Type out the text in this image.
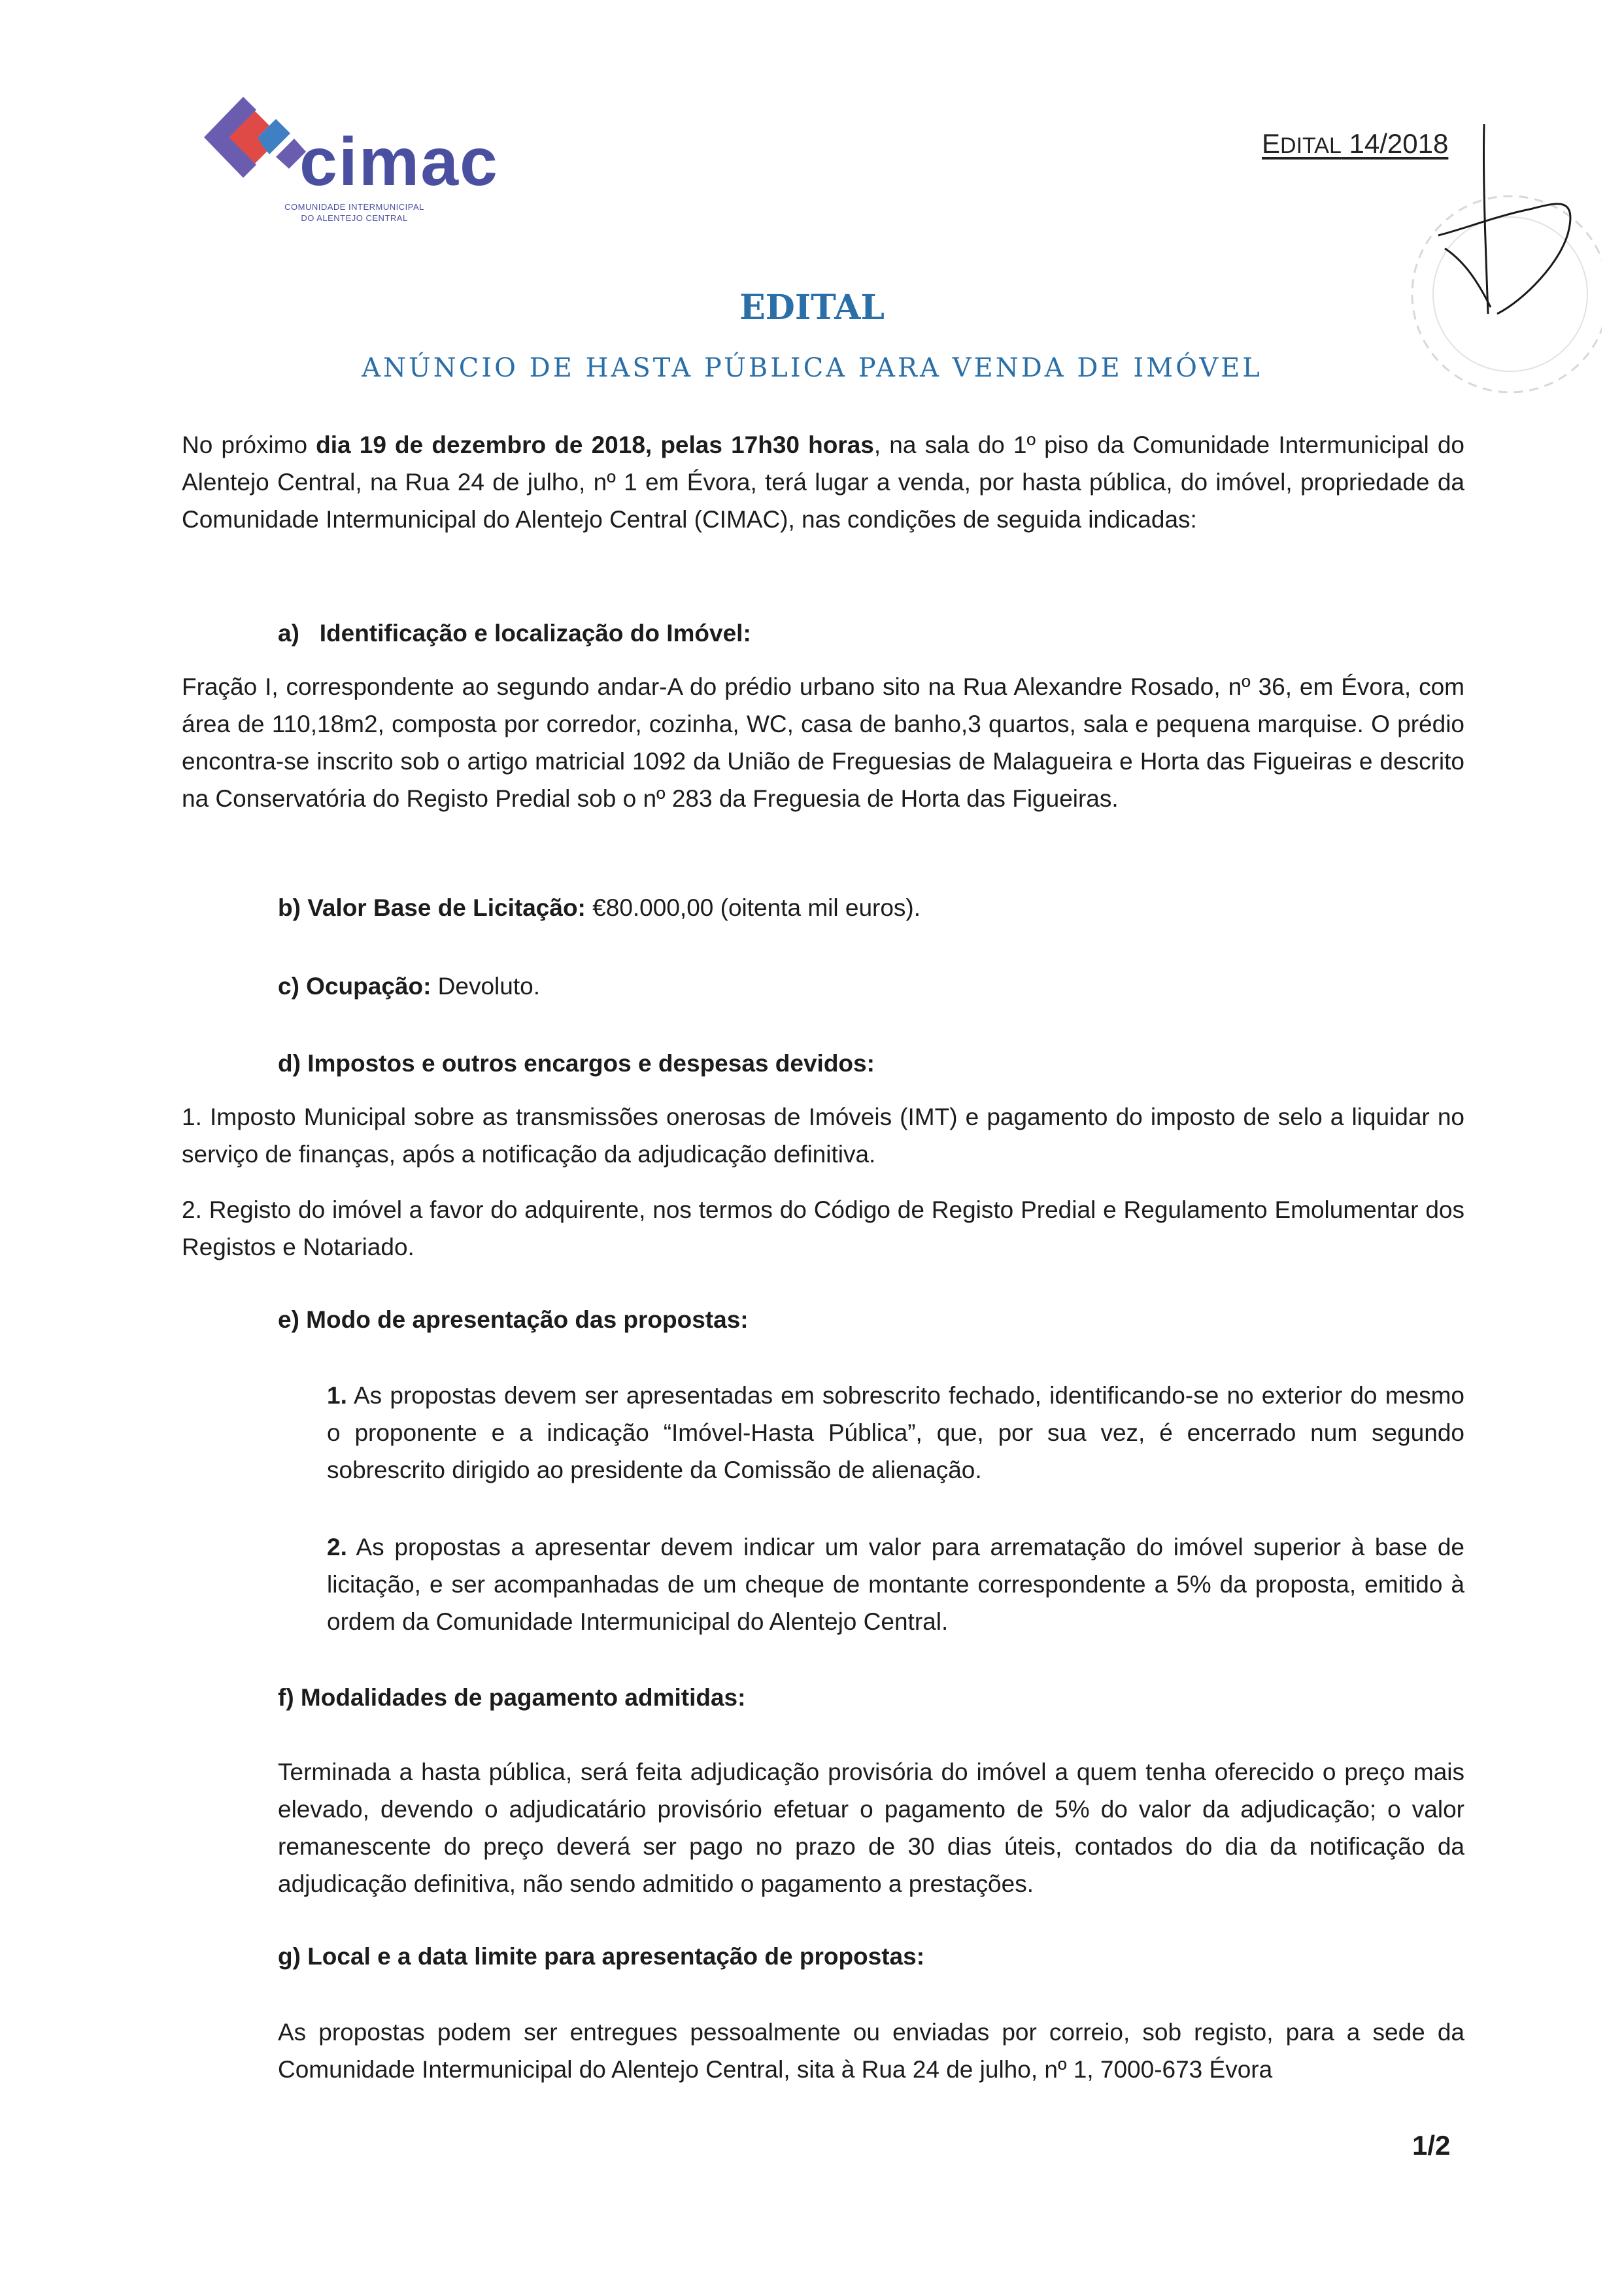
cimac
COMUNIDADE INTERMUNICIPAL
DO ALENTEJO CENTRAL
EDITAL 14/2018
EDITAL
ANÚNCIO DE HASTA PÚBLICA PARA VENDA DE IMÓVEL
No próximo dia 19 de dezembro de 2018, pelas 17h30 horas, na sala do 1º piso da Comunidade Intermunicipal do Alentejo Central, na Rua 24 de julho, nº 1 em Évora, terá lugar a venda, por hasta pública, do imóvel, propriedade da Comunidade Intermunicipal do Alentejo Central (CIMAC), nas condições de seguida indicadas:
a)   Identificação e localização do Imóvel:
Fração I, correspondente ao segundo andar-A do prédio urbano sito na Rua Alexandre Rosado, nº 36, em Évora, com área de 110,18m2, composta por corredor, cozinha, WC, casa de banho,3 quartos, sala e pequena marquise. O prédio encontra-se inscrito sob o artigo matricial 1092 da União de Freguesias de Malagueira e Horta das Figueiras e descrito na Conservatória do Registo Predial sob o nº 283 da Freguesia de Horta das Figueiras.
b) Valor Base de Licitação: €80.000,00 (oitenta mil euros).
c) Ocupação: Devoluto.
d) Impostos e outros encargos e despesas devidos:
1. Imposto Municipal sobre as transmissões onerosas de Imóveis (IMT) e pagamento do imposto de selo a liquidar no serviço de finanças, após a notificação da adjudicação definitiva.
2. Registo do imóvel a favor do adquirente, nos termos do Código de Registo Predial e Regulamento Emolumentar dos Registos e Notariado.
e) Modo de apresentação das propostas:
1. As propostas devem ser apresentadas em sobrescrito fechado, identificando-se no exterior do mesmo o proponente e a indicação “Imóvel-Hasta Pública”, que, por sua vez, é encerrado num segundo sobrescrito dirigido ao presidente da Comissão de alienação.
2. As propostas a apresentar devem indicar um valor para arrematação do imóvel superior à base de licitação, e ser acompanhadas de um cheque de montante correspondente a 5% da proposta, emitido à ordem da Comunidade Intermunicipal do Alentejo Central.
f) Modalidades de pagamento admitidas:
Terminada a hasta pública, será feita adjudicação provisória do imóvel a quem tenha oferecido o preço mais elevado, devendo o adjudicatário provisório efetuar o pagamento de 5% do valor da adjudicação; o valor remanescente do preço deverá ser pago no prazo de 30 dias úteis, contados do dia da notificação da adjudicação definitiva, não sendo admitido o pagamento a prestações.
g) Local e a data limite para apresentação de propostas:
As propostas podem ser entregues pessoalmente ou enviadas por correio, sob registo, para a sede da Comunidade Intermunicipal do Alentejo Central, sita à Rua 24 de julho, nº 1, 7000-673 Évora
1/2
